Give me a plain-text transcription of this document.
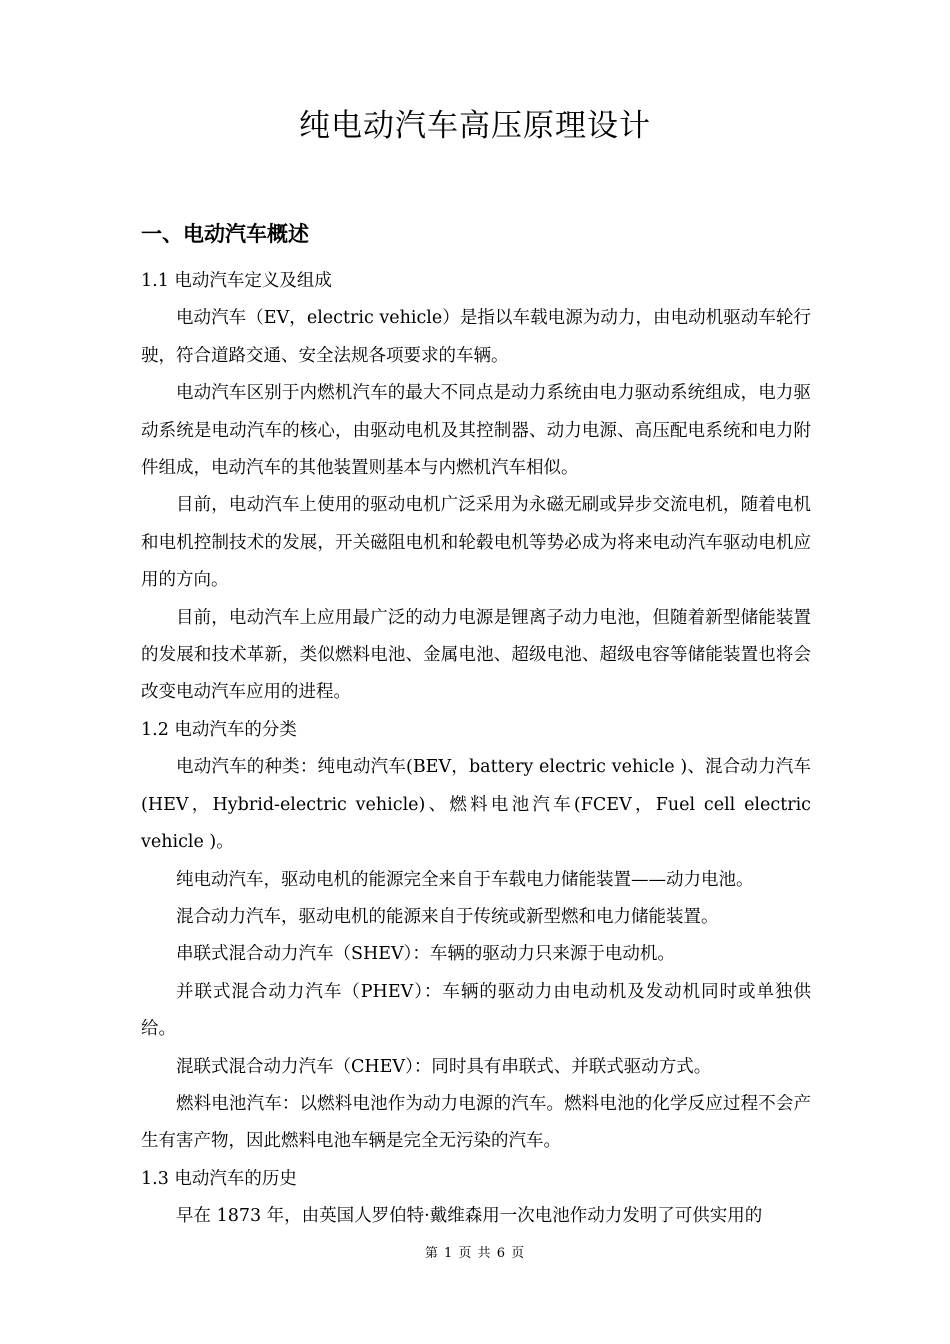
纯电动汽车高压原理设计
一、电动汽车概述

1.1 电动汽车定义及组成

电动汽车（EV，electric vehicle）是指以车载电源为动力，由电动机驱动车轮行驶，符合道路交通、安全法规各项要求的车辆。

电动汽车区别于内燃机汽车的最大不同点是动力系统由电力驱动系统组成，电力驱动系统是电动汽车的核心，由驱动电机及其控制器、动力电源、高压配电系统和电力附件组成，电动汽车的其他装置则基本与内燃机汽车相似。

目前，电动汽车上使用的驱动电机广泛采用为永磁无刷或异步交流电机，随着电机和电机控制技术的发展，开关磁阻电机和轮毂电机等势必成为将来电动汽车驱动电机应用的方向。

目前，电动汽车上应用最广泛的动力电源是锂离子动力电池，但随着新型储能装置的发展和技术革新，类似燃料电池、金属电池、超级电池、超级电容等储能装置也将会改变电动汽车应用的进程。

1.2 电动汽车的分类

电动汽车的种类：纯电动汽车(BEV，battery electric vehicle )、混合动力汽车(HEV，Hybrid-electric vehicle)、燃料电池汽车(FCEV，Fuel cell electric vehicle )。

纯电动汽车，驱动电机的能源完全来自于车载电力储能装置——动力电池。

混合动力汽车，驱动电机的能源来自于传统或新型燃和电力储能装置。

串联式混合动力汽车（SHEV）：车辆的驱动力只来源于电动机。

并联式混合动力汽车（PHEV）：车辆的驱动力由电动机及发动机同时或单独供给。

混联式混合动力汽车（CHEV）：同时具有串联式、并联式驱动方式。

燃料电池汽车：以燃料电池作为动力电源的汽车。燃料电池的化学反应过程不会产生有害产物，因此燃料电池车辆是完全无污染的汽车。

1.3 电动汽车的历史

早在 1873 年，由英国人罗伯特·戴维森用一次电池作动力发明了可供实用的

第 1 页 共 6 页
